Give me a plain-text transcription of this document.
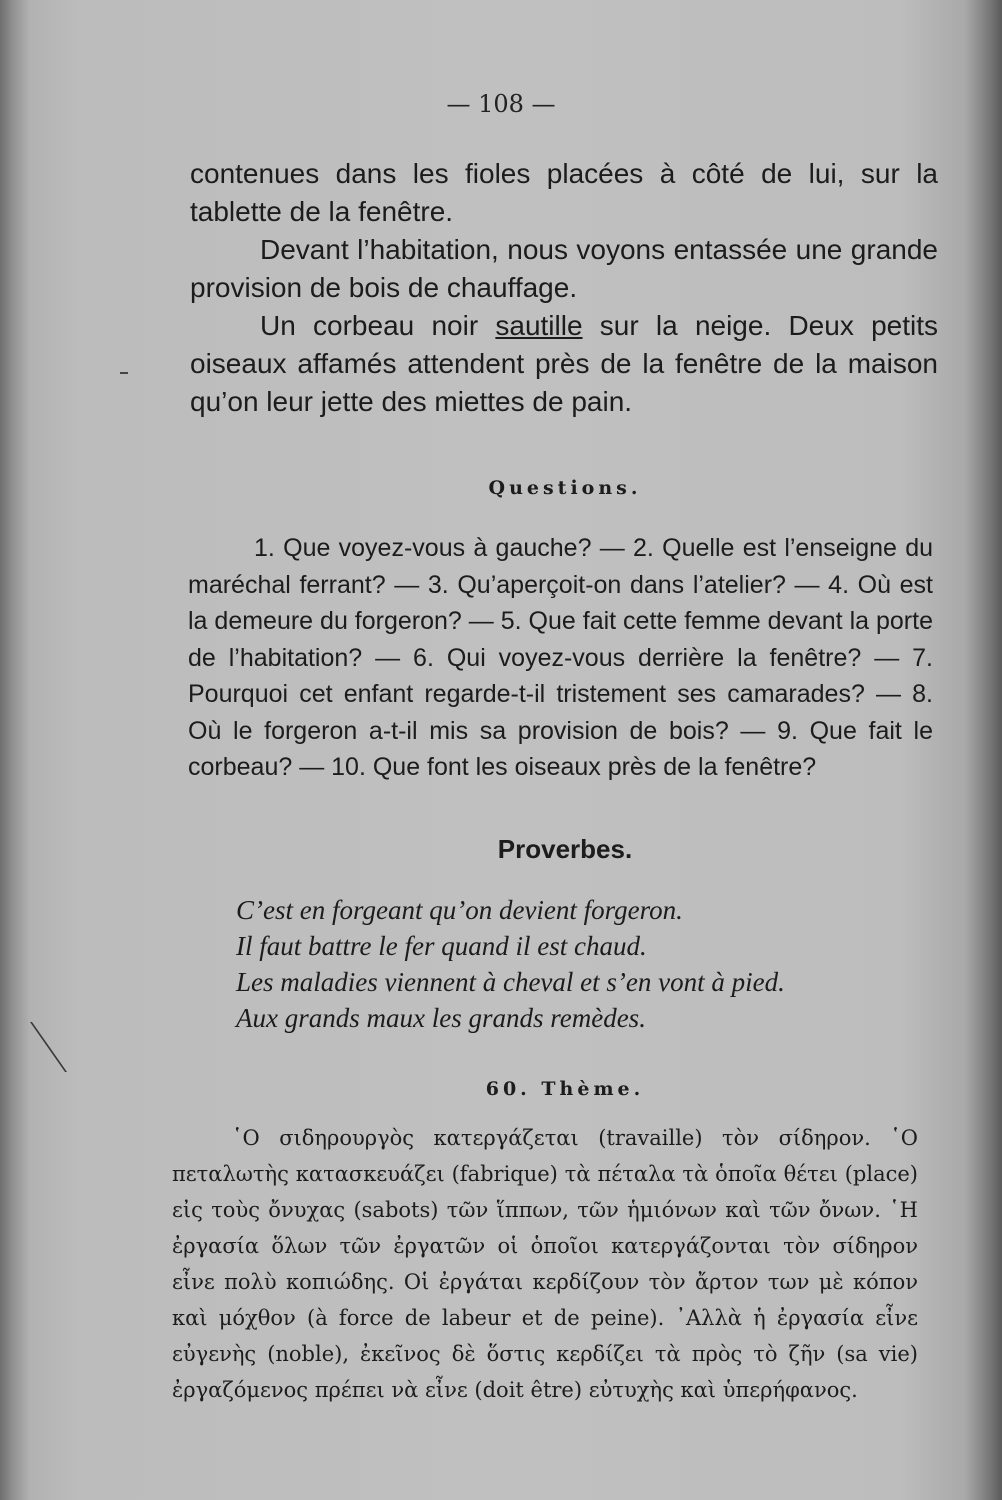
— 108 —

contenues dans les fioles placées à côté de lui, sur la tablette de la fenêtre.

Devant l’habitation, nous voyons entassée une grande provision de bois de chauffage.

Un corbeau noir sautille sur la neige. Deux petits oiseaux affamés attendent près de la fenêtre de la maison qu’on leur jette des miettes de pain.

Questions.

1. Que voyez-vous à gauche? — 2. Quelle est l’enseigne du maréchal ferrant? — 3. Qu’aperçoit-on dans l’atelier? — 4. Où est la demeure du forgeron? — 5. Que fait cette femme devant la porte de l’habitation? — 6. Qui voyez-vous derrière la fenêtre? — 7. Pourquoi cet enfant regarde-t-il tristement ses camarades? — 8. Où le forgeron a-t-il mis sa provision de bois? — 9. Que fait le corbeau? — 10. Que font les oiseaux près de la fenêtre?

Proverbes.
C’est en forgeant qu’on devient forgeron.
Il faut battre le fer quand il est chaud.
Les maladies viennent à cheval et s’en vont à pied.
Aux grands maux les grands remèdes.
60. Thème.

῾Ο σιδηρουργὸς κατεργάζεται (travaille) τὸν σίδηρον. ῾Ο πεταλωτὴς κατασκευάζει (fabrique) τὰ πέταλα τὰ ὁποῖα θέτει (place) εἰς τοὺς ὄνυχας (sabots) τῶν ἵππων, τῶν ἡμιόνων καὶ τῶν ὄνων. ῾Η ἐργασία ὅλων τῶν ἐργατῶν οἱ ὁποῖοι κατεργάζονται τὸν σίδηρον εἶνε πολὺ κοπιώδης. Οἱ ἐργάται κερδίζουν τὸν ἄρτον των μὲ κόπον καὶ μόχθον (à force de labeur et de peine). ᾿Αλλὰ ἡ ἐργασία εἶνε εὐγενὴς (noble), ἐκεῖνος δὲ ὅστις κερδίζει τὰ πρὸς τὸ ζῆν (sa vie) ἐργαζόμενος πρέπει νὰ εἶνε (doit être) εὐτυχὴς καὶ ὑπερήφανος.
